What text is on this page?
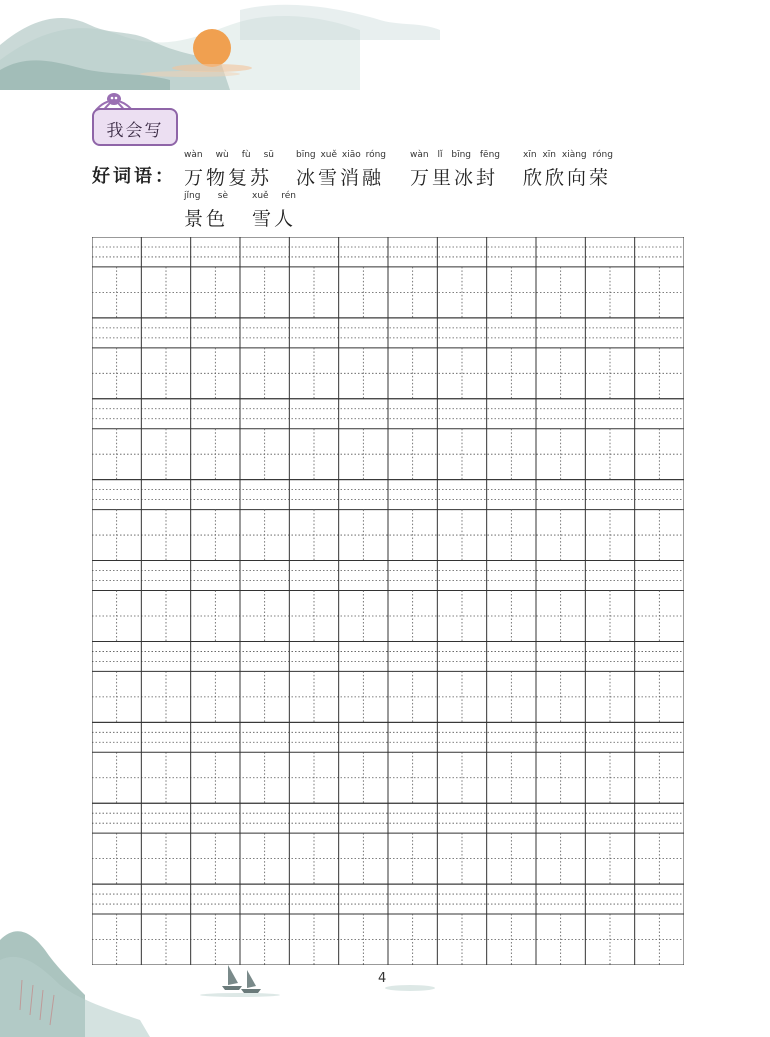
我会写
好词语：
wàn wù fù sū
万物复苏
bīng xuě xiāo róng
冰雪消融
wàn lǐ bīng fēng
万里冰封
xīn xīn xiàng róng
欣欣向荣
jǐng sè
景色
xuě rén
雪人
4
